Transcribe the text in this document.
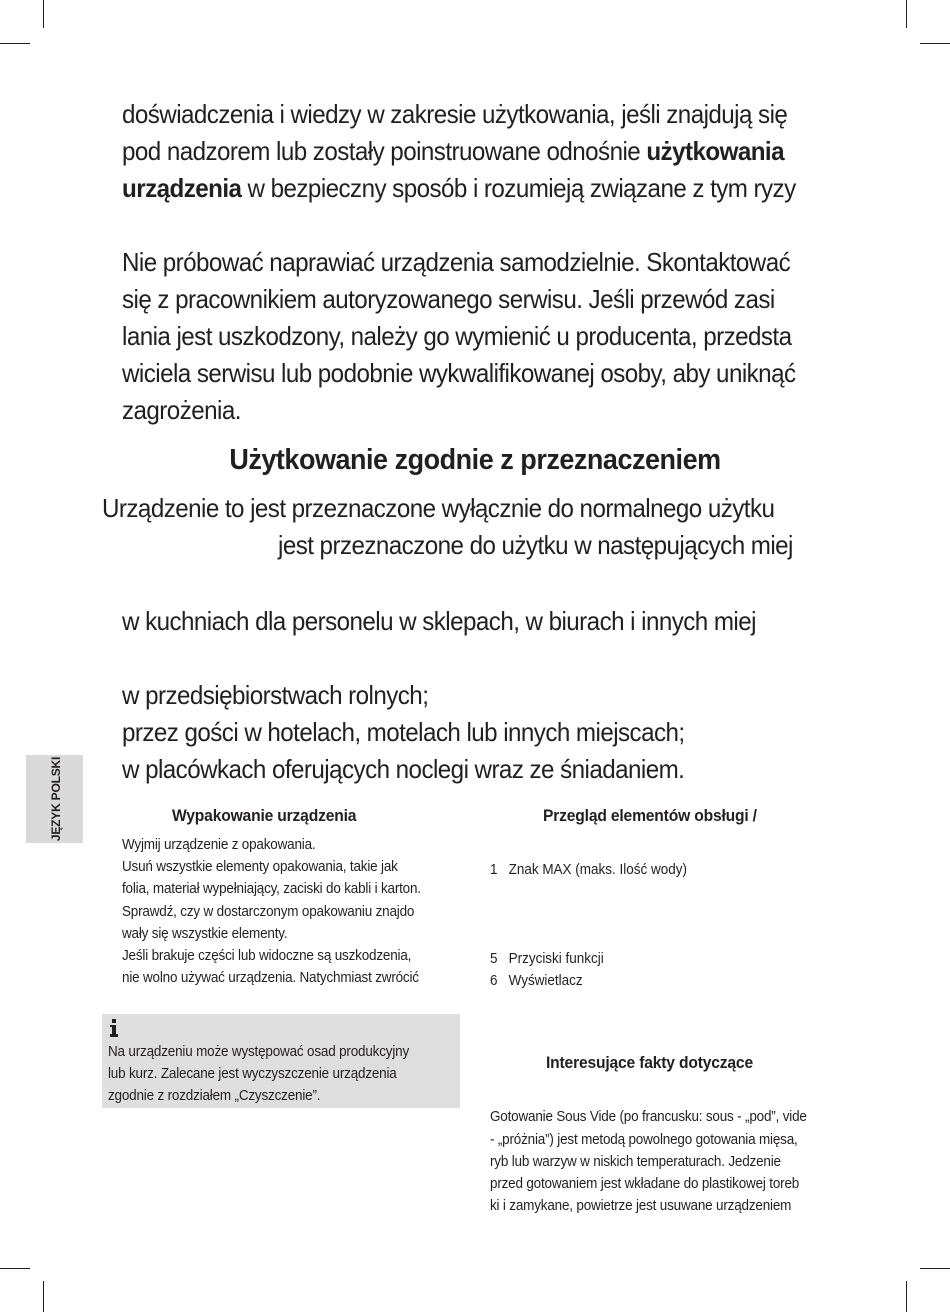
doświadczenia i wiedzy w zakresie użytkowania, jeśli znajdują się
pod nadzorem lub zostały poinstruowane odnośnie użytkowania
urządzenia w bezpieczny sposób i rozumieją związane z tym ryzy
Nie próbować naprawiać urządzenia samodzielnie. Skontaktować
się z pracownikiem autoryzowanego serwisu. Jeśli przewód zasi
lania jest uszkodzony, należy go wymienić u producenta, przedsta
wiciela serwisu lub podobnie wykwalifikowanej osoby, aby uniknąć
zagrożenia.
Użytkowanie zgodnie z przeznaczeniem
Urządzenie to jest przeznaczone wyłącznie do normalnego użytku
jest przeznaczone do użytku w następujących miej
w kuchniach dla personelu w sklepach, w biurach i innych miej
w przedsiębiorstwach rolnych;
przez gości w hotelach, motelach lub innych miejscach;
w placówkach oferujących noclegi wraz ze śniadaniem.
JĘZYK POLSKI	Wypakowanie urządzenia
Wyjmij urządzenie z opakowania.
Usuń wszystkie elementy opakowania, takie jak
folia, materiał wypełniający, zaciski do kabli i karton.
Sprawdź, czy w dostarczonym opakowaniu znajdo
wały się wszystkie elementy.
Jeśli brakuje części lub widoczne są uszkodzenia,
nie wolno używać urządzenia. Natychmiast zwrócić
Na urządzeniu może występować osad produkcyjny
lub kurz. Zalecane jest wyczyszczenie urządzenia
zgodnie z rozdziałem „Czyszczenie”.
Przegląd elementów obsługi /
1 Znak MAX (maks. Ilość wody)
5 Przyciski funkcji
6 Wyświetlacz
Interesujące fakty dotyczące
Gotowanie Sous Vide (po francusku: sous - „pod”, vide
- „próżnia”) jest metodą powolnego gotowania mięsa,
ryb lub warzyw w niskich temperaturach. Jedzenie
przed gotowaniem jest wkładane do plastikowej toreb
ki i zamykane, powietrze jest usuwane urządzeniem
